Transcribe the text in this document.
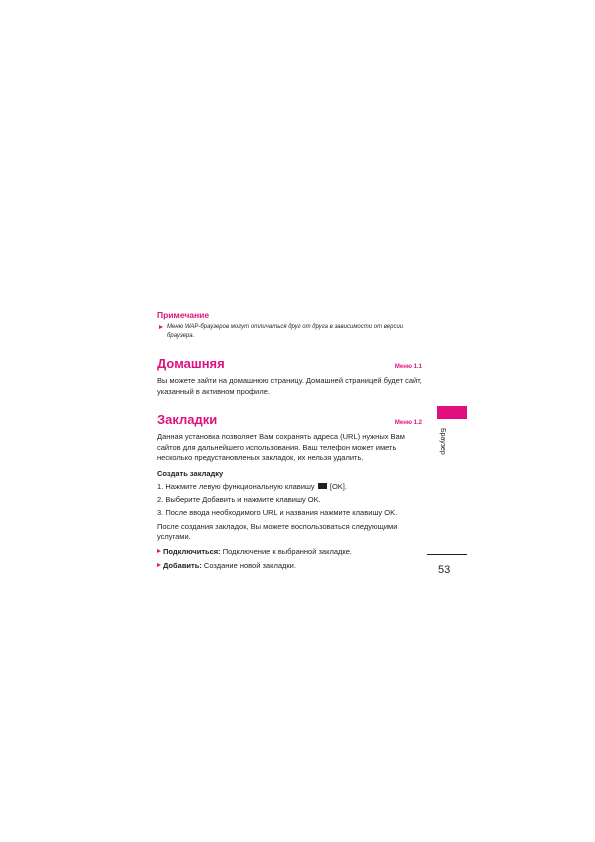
Примечание
Меню WAP-браузеров могут отличаться друг от друга в зависимости от версии браузера.
Домашняя	Меню 1.1

Вы можете зайти на домашнюю страницу. Домашней страницей будет сайт, указанный в активном профиле.

Закладки	Меню 1.2

Данная установка позволяет Вам сохранять адреса (URL) нужных Вам сайтов для дальнейшего использования. Ваш телефон может иметь несколько предустановленых закладок, их нельзя удалить.

Создать закладку
1. Нажмите левую функциональную клавишу [OK].
2. Выберите Добавить и нажмите клавишу OK.
3. После ввода необходимого URL и названия нажмите клавишу OK.

После создания закладок, Вы можете воспользоваться следующими услугами.

Подключиться: Подключение к выбранной закладке.
Добавить: Создание новой закладки.
Браузер
53
